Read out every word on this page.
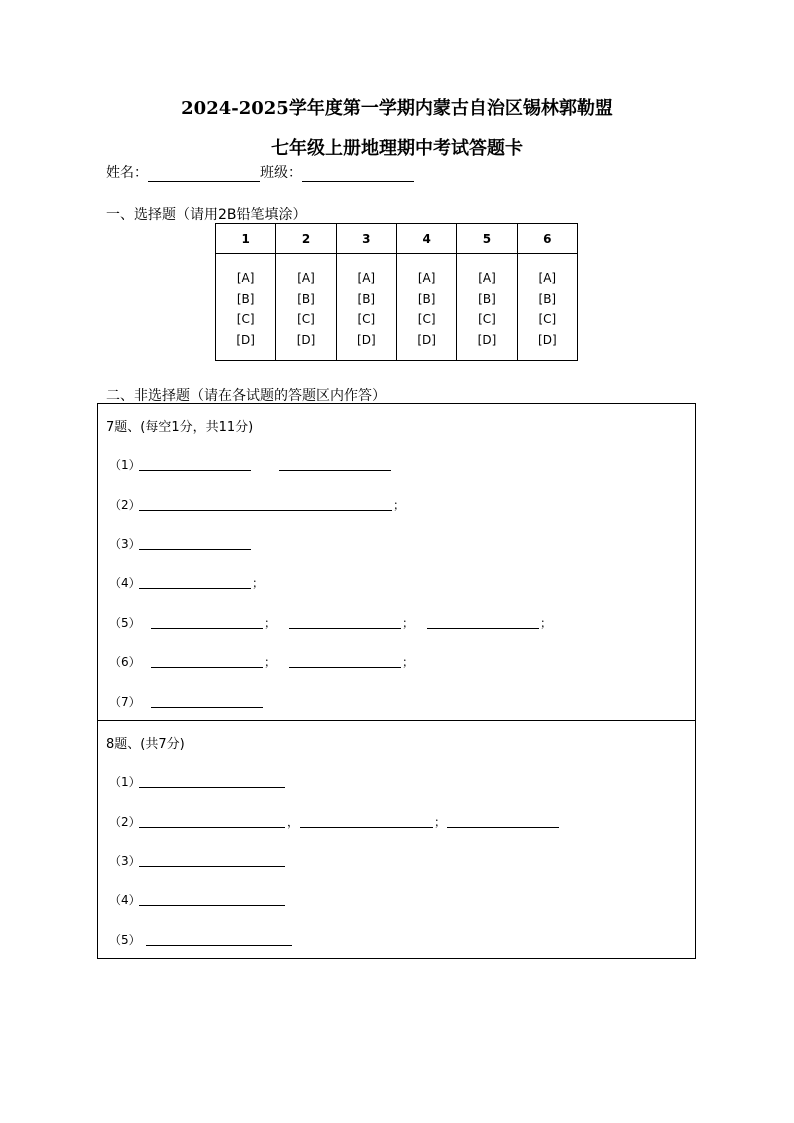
2024-2025学年度第一学期内蒙古自治区锡林郭勒盟
七年级上册地理期中考试答题卡
姓名：	班级：
一、选择题（请用2B铅笔填涂）
1	2	3	4	5	6

[A]
[B]
[C]
[D]	[A]
[B]
[C]
[D]	[A]
[B]
[C]
[D]	[A]
[B]
[C]
[D]	[A]
[B]
[C]
[D]	[A]
[B]
[C]
[D]
二、非选择题（请在各试题的答题区内作答）
7题、(每空1分，共11分)
（1）
（2）	；
（3）
（4）	；
（5）	；	；	；
（6）	；	；
（7）
8题、(共7分)
（1）
（2）	，	；
（3）
（4）
（5）
